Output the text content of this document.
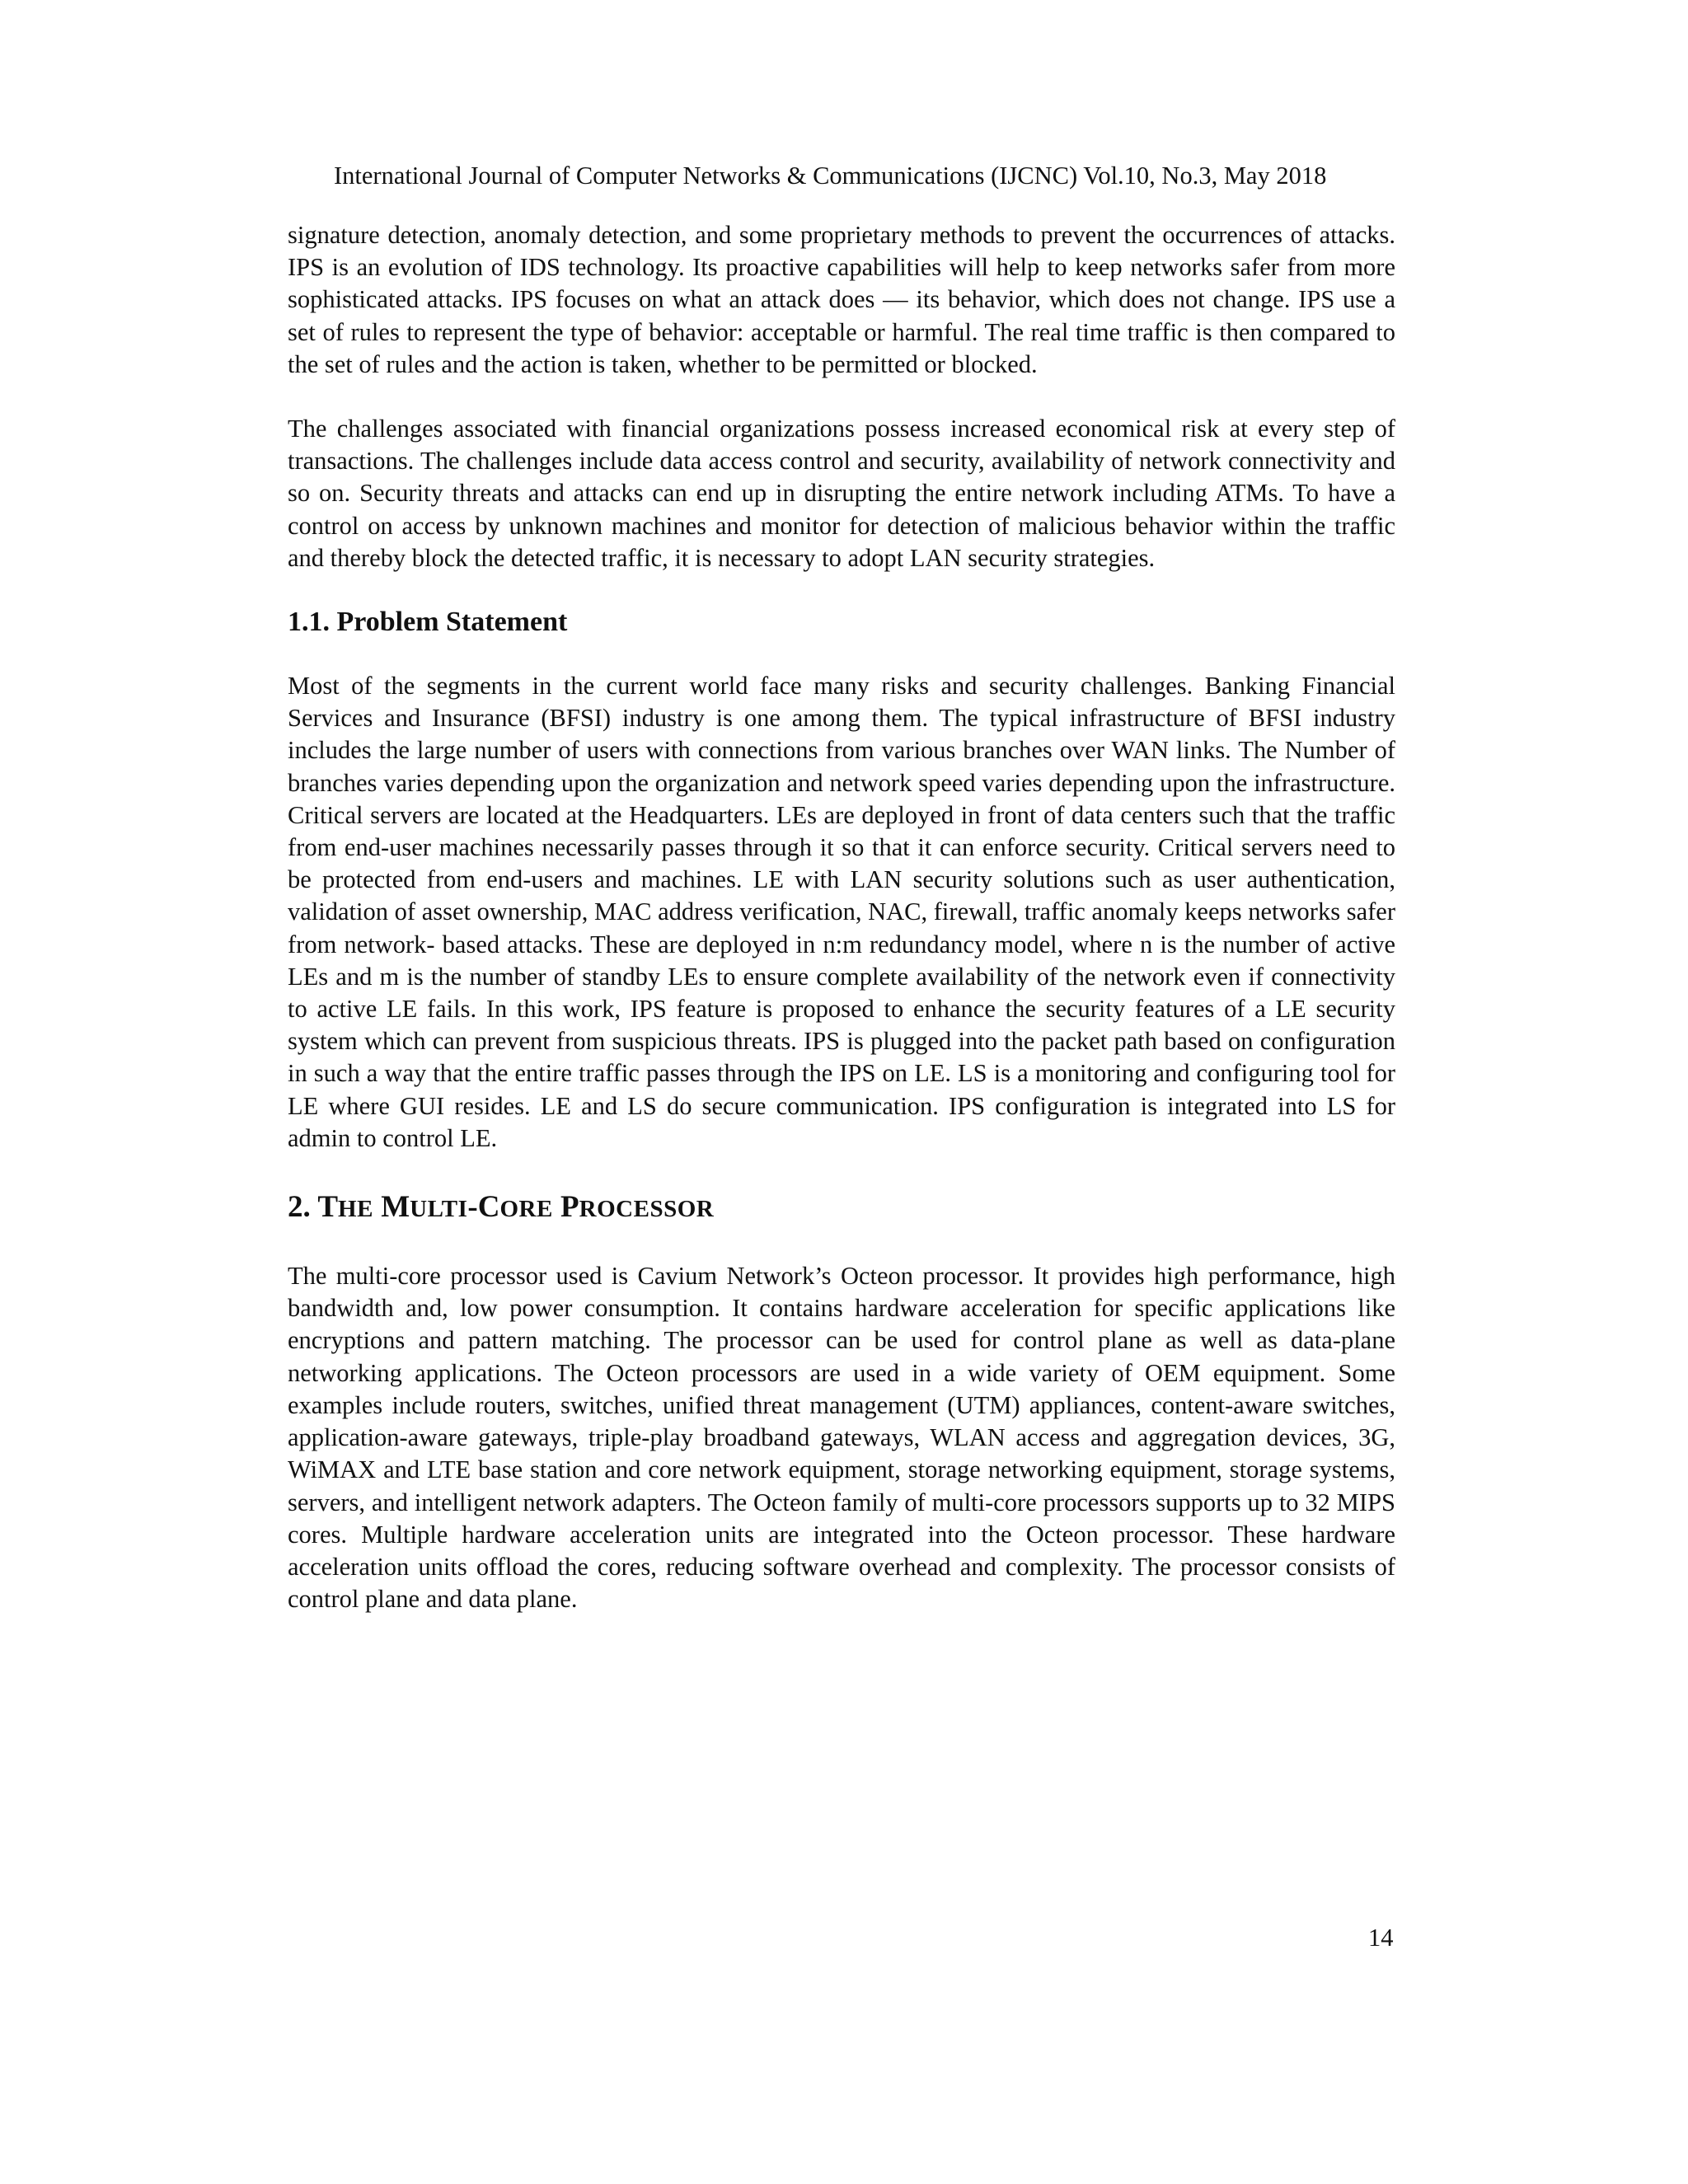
International Journal of Computer Networks & Communications (IJCNC) Vol.10, No.3, May 2018

signature detection, anomaly detection, and some proprietary methods to prevent the occurrences of attacks. IPS is an evolution of IDS technology. Its proactive capabilities will help to keep networks safer from more sophisticated attacks. IPS focuses on what an attack does — its behavior, which does not change. IPS use a set of rules to represent the type of behavior: acceptable or harmful. The real time traffic is then compared to the set of rules and the action is taken, whether to be permitted or blocked.

The challenges associated with financial organizations possess increased economical risk at every step of transactions. The challenges include data access control and security, availability of network connectivity and so on. Security threats and attacks can end up in disrupting the entire network including ATMs. To have a control on access by unknown machines and monitor for detection of malicious behavior within the traffic and thereby block the detected traffic, it is necessary to adopt LAN security strategies.

1.1. Problem Statement

Most of the segments in the current world face many risks and security challenges. Banking Financial Services and Insurance (BFSI) industry is one among them. The typical infrastructure of BFSI industry includes the large number of users with connections from various branches over WAN links. The Number of branches varies depending upon the organization and network speed varies depending upon the infrastructure. Critical servers are located at the Headquarters. LEs are deployed in front of data centers such that the traffic from end-user machines necessarily passes through it so that it can enforce security. Critical servers need to be protected from end-users and machines. LE with LAN security solutions such as user authentication, validation of asset ownership, MAC address verification, NAC, firewall, traffic anomaly keeps networks safer from network- based attacks. These are deployed in n:m redundancy model, where n is the number of active LEs and m is the number of standby LEs to ensure complete availability of the network even if connectivity to active LE fails. In this work, IPS feature is proposed to enhance the security features of a LE security system which can prevent from suspicious threats. IPS is plugged into the packet path based on configuration in such a way that the entire traffic passes through the IPS on LE. LS is a monitoring and configuring tool for LE where GUI resides. LE and LS do secure communication. IPS configuration is integrated into LS for admin to control LE.

2. THE MULTI-CORE PROCESSOR

The multi-core processor used is Cavium Network’s Octeon processor. It provides high performance, high bandwidth and, low power consumption. It contains hardware acceleration for specific applications like encryptions and pattern matching. The processor can be used for control plane as well as data-plane networking applications. The Octeon processors are used in a wide variety of OEM equipment. Some examples include routers, switches, unified threat management (UTM) appliances, content-aware switches, application-aware gateways, triple-play broadband gateways, WLAN access and aggregation devices, 3G, WiMAX and LTE base station and core network equipment, storage networking equipment, storage systems, servers, and intelligent network adapters. The Octeon family of multi-core processors supports up to 32 MIPS cores. Multiple hardware acceleration units are integrated into the Octeon processor. These hardware acceleration units offload the cores, reducing software overhead and complexity. The processor consists of control plane and data plane.

14
